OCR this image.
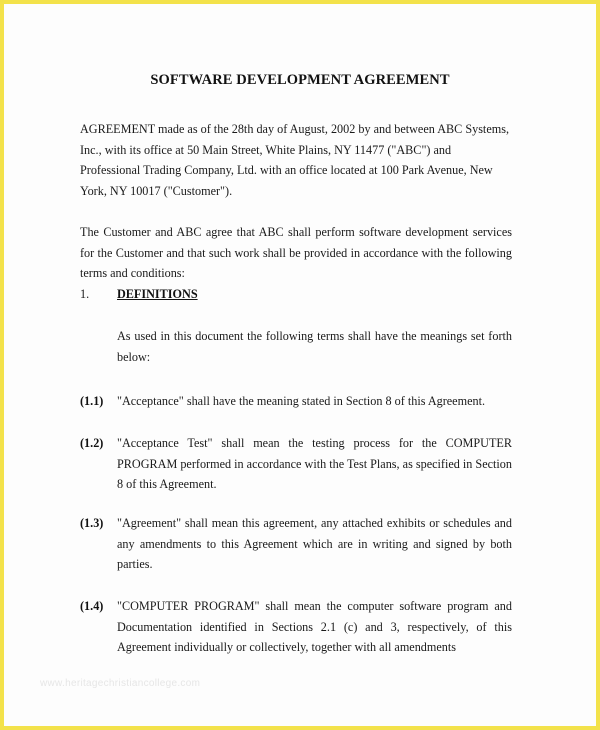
SOFTWARE DEVELOPMENT AGREEMENT

AGREEMENT made as of the 28th day of August, 2002 by and between ABC Systems, Inc., with its office at 50 Main Street, White Plains, NY 11477 ("ABC") and Professional Trading Company, Ltd. with an office located at 100 Park Avenue, New York, NY 10017 ("Customer").

The Customer and ABC agree that ABC shall perform software development services for the Customer and that such work shall be provided in accordance with the following terms and conditions:

1. DEFINITIONS

As used in this document the following terms shall have the meanings set forth below:

(1.1) "Acceptance" shall have the meaning stated in Section 8 of this Agreement.

(1.2) "Acceptance Test" shall mean the testing process for the COMPUTER PROGRAM performed in accordance with the Test Plans, as specified in Section 8 of this Agreement.

(1.3) "Agreement" shall mean this agreement, any attached exhibits or schedules and any amendments to this Agreement which are in writing and signed by both parties.

(1.4) "COMPUTER PROGRAM" shall mean the computer software program and Documentation identified in Sections 2.1 (c) and 3, respectively, of this Agreement individually or collectively, together with all amendments

www.heritagechristiancollege.com
